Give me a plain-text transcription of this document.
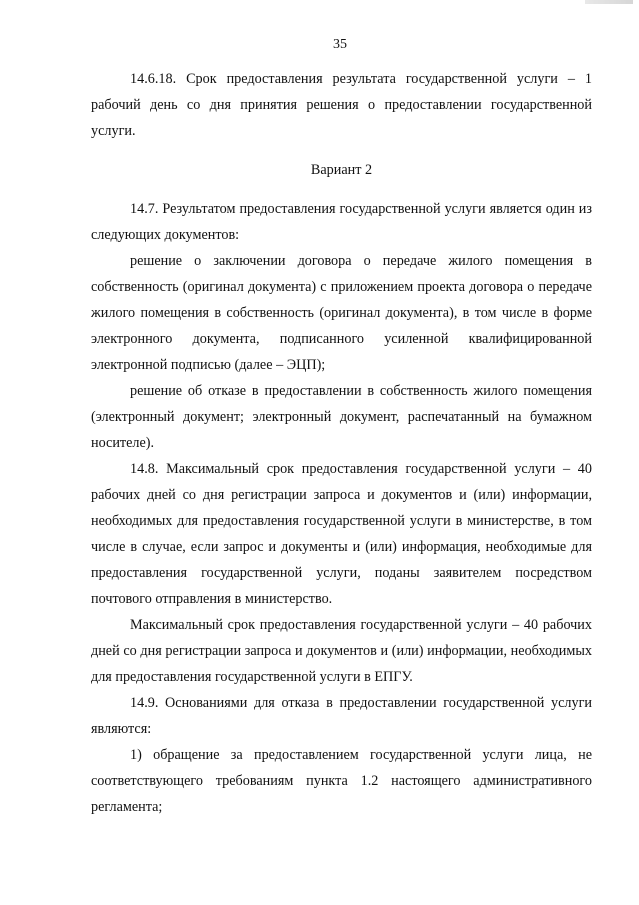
35

14.6.18. Срок предоставления результата государственной услуги – 1 рабочий день со дня принятия решения о предоставлении государственной услуги.

Вариант 2

14.7. Результатом предоставления государственной услуги является один из следующих документов:

решение о заключении договора о передаче жилого помещения в собственность (оригинал документа) с приложением проекта договора о передаче жилого помещения в собственность (оригинал документа), в том числе в форме электронного документа, подписанного усиленной квалифицированной электронной подписью (далее – ЭЦП);

решение об отказе в предоставлении в собственность жилого помещения (электронный документ; электронный документ, распечатанный на бумажном носителе).

14.8. Максимальный срок предоставления государственной услуги – 40 рабочих дней со дня регистрации запроса и документов и (или) информации, необходимых для предоставления государственной услуги в министерстве, в том числе в случае, если запрос и документы и (или) информация, необходимые для предоставления государственной услуги, поданы заявителем посредством почтового отправления в министерство.

Максимальный срок предоставления государственной услуги – 40 рабочих дней со дня регистрации запроса и документов и (или) информации, необходимых для предоставления государственной услуги в ЕПГУ.

14.9. Основаниями для отказа в предоставлении государственной услуги являются:

1) обращение за предоставлением государственной услуги лица, не соответствующего требованиям пункта 1.2 настоящего административного регламента;
